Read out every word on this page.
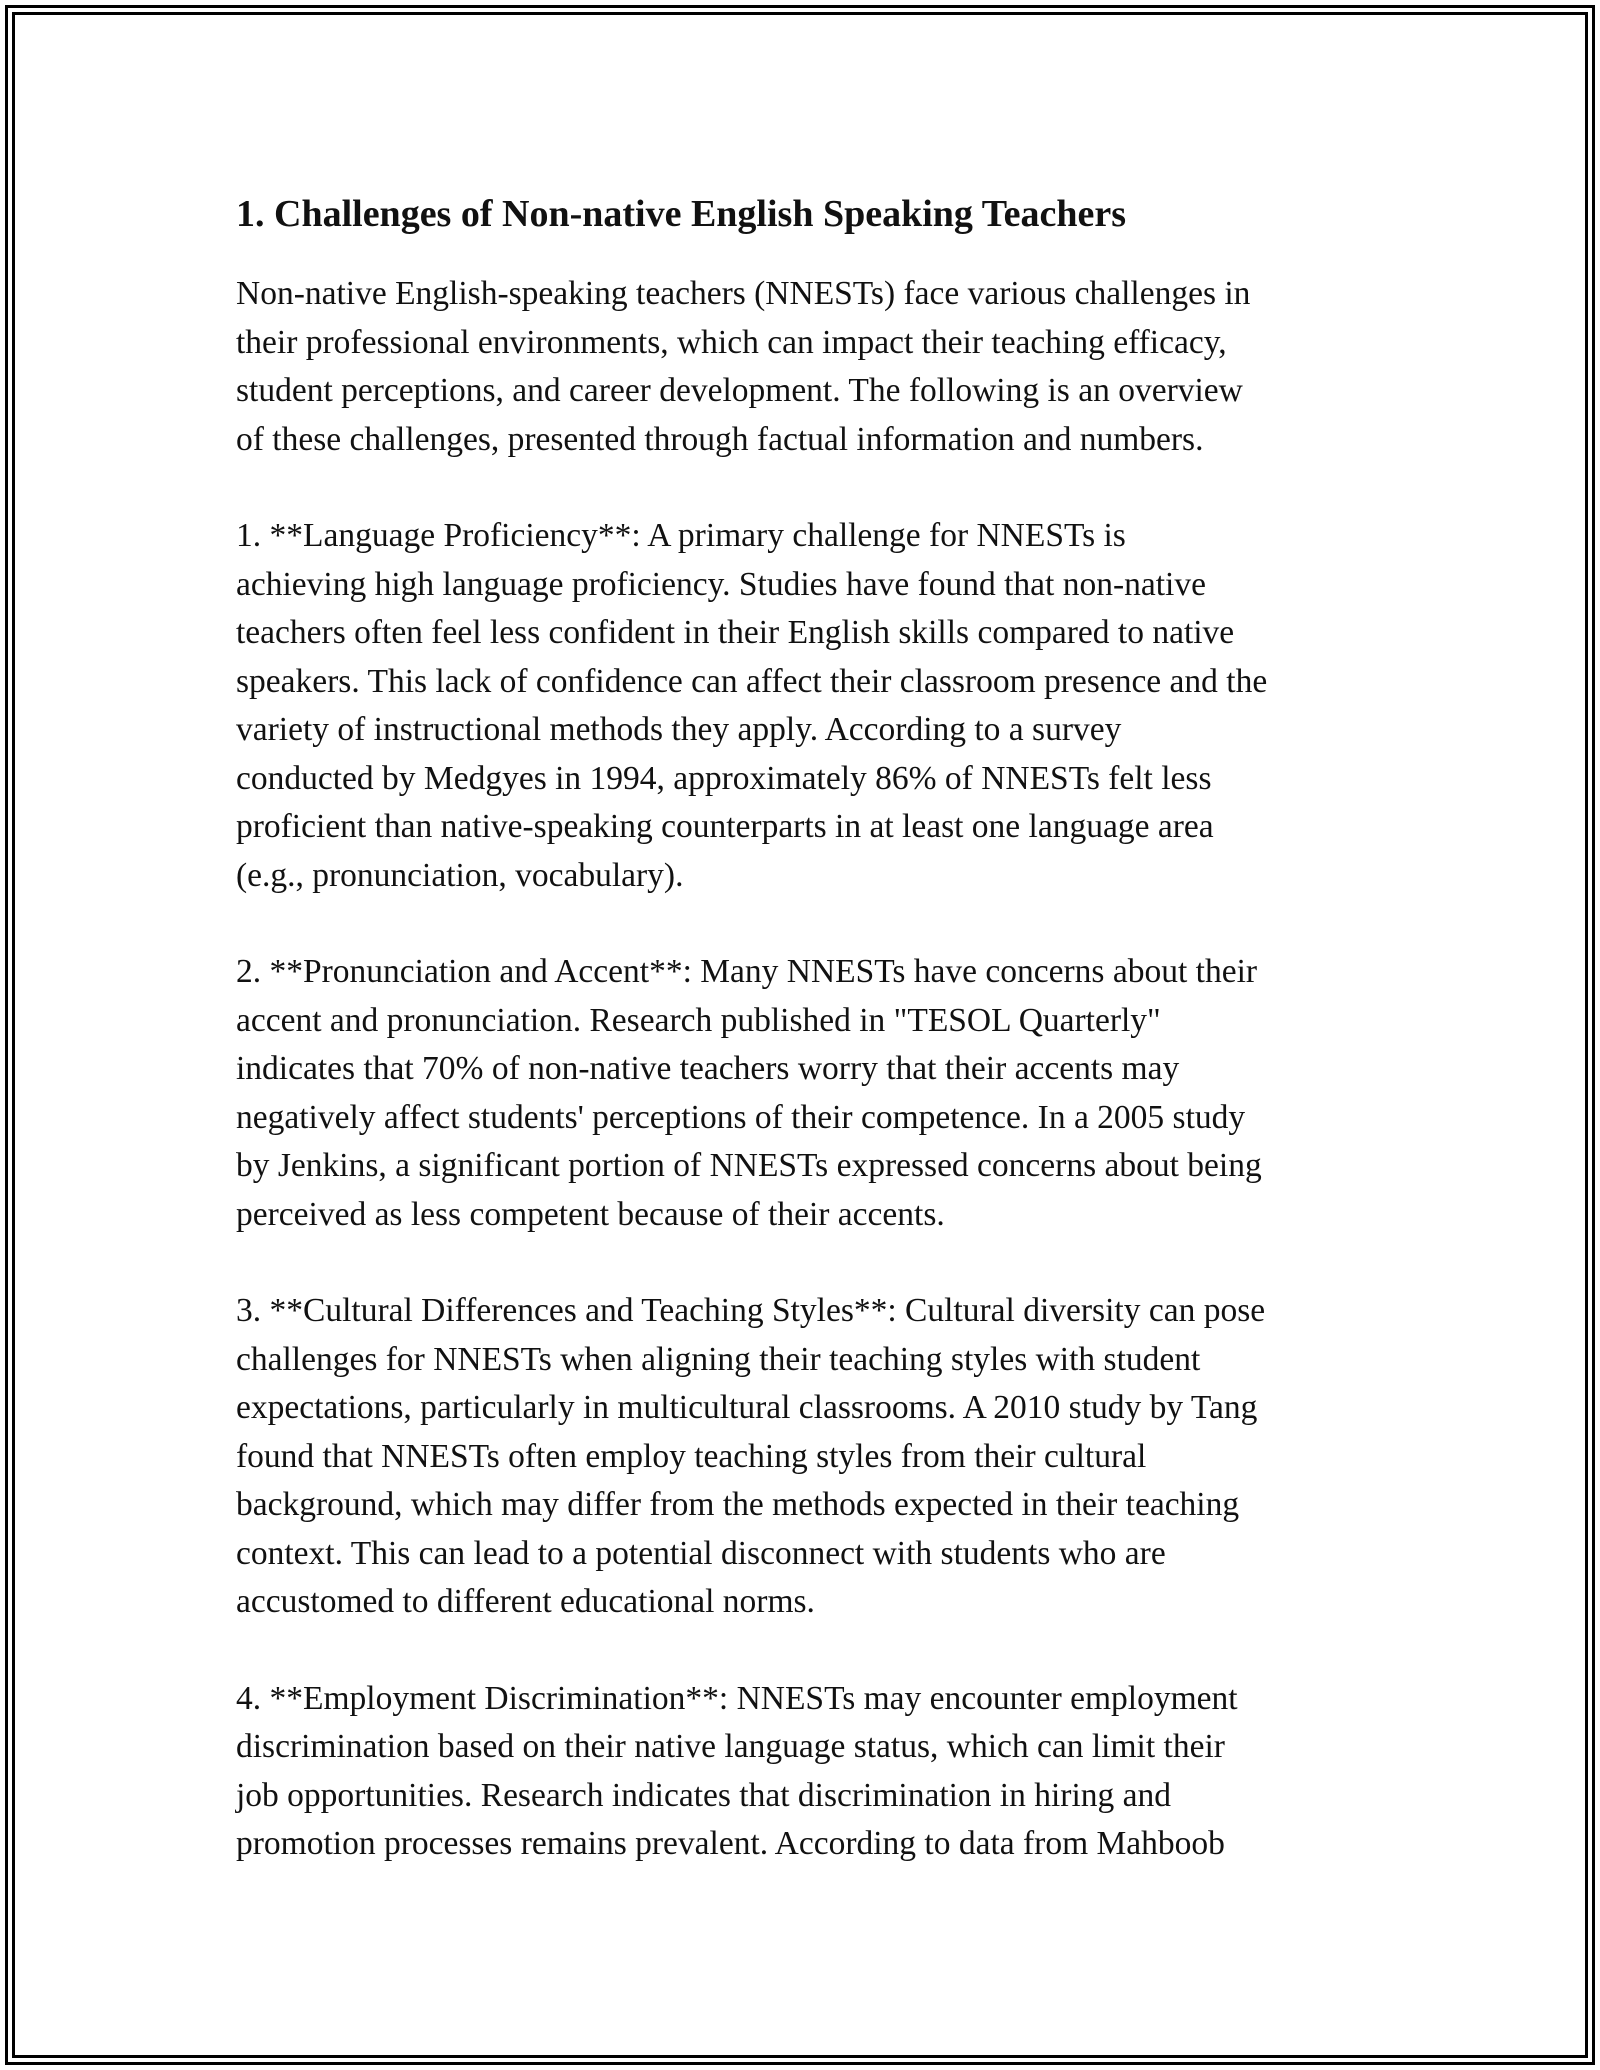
1. Challenges of Non-native English Speaking Teachers

Non-native English-speaking teachers (NNESTs) face various challenges in
their professional environments, which can impact their teaching efficacy,
student perceptions, and career development. The following is an overview
of these challenges, presented through factual information and numbers.

1. **Language Proficiency**: A primary challenge for NNESTs is
achieving high language proficiency. Studies have found that non-native
teachers often feel less confident in their English skills compared to native
speakers. This lack of confidence can affect their classroom presence and the
variety of instructional methods they apply. According to a survey
conducted by Medgyes in 1994, approximately 86% of NNESTs felt less
proficient than native-speaking counterparts in at least one language area
(e.g., pronunciation, vocabulary).

2. **Pronunciation and Accent**: Many NNESTs have concerns about their
accent and pronunciation. Research published in "TESOL Quarterly"
indicates that 70% of non-native teachers worry that their accents may
negatively affect students' perceptions of their competence. In a 2005 study
by Jenkins, a significant portion of NNESTs expressed concerns about being
perceived as less competent because of their accents.

3. **Cultural Differences and Teaching Styles**: Cultural diversity can pose
challenges for NNESTs when aligning their teaching styles with student
expectations, particularly in multicultural classrooms. A 2010 study by Tang
found that NNESTs often employ teaching styles from their cultural
background, which may differ from the methods expected in their teaching
context. This can lead to a potential disconnect with students who are
accustomed to different educational norms.

4. **Employment Discrimination**: NNESTs may encounter employment
discrimination based on their native language status, which can limit their
job opportunities. Research indicates that discrimination in hiring and
promotion processes remains prevalent. According to data from Mahboob
